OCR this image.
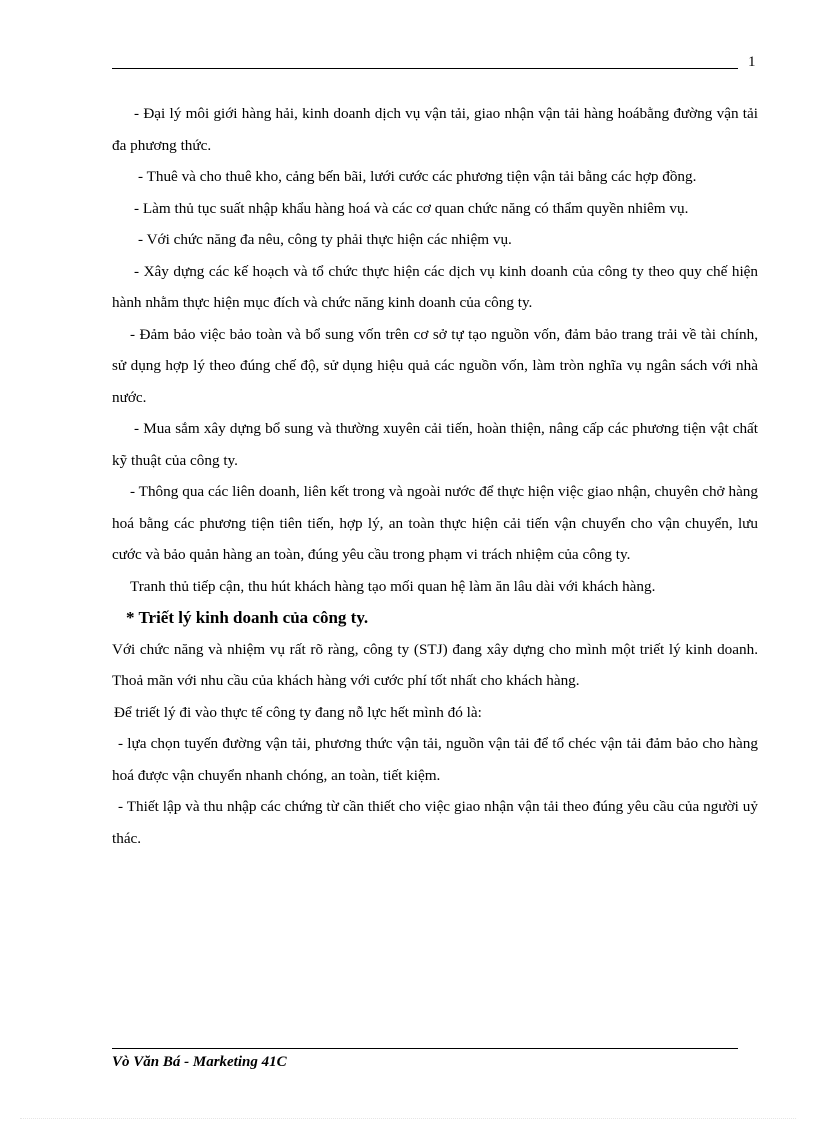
1

- Đại lý môi giới hàng hải, kinh doanh dịch vụ vận tải, giao nhận vận tải hàng hoábằng đường vận tải đa phương thức.

- Thuê và cho thuê kho, cảng bến bãi, lưới cước các phương tiện vận tải bằng các hợp đồng.

- Làm thủ tục suất nhập khẩu hàng hoá và các cơ quan chức năng có thẩm quyền nhiêm vụ.

- Với chức năng đa nêu, công ty phải thực hiện các nhiệm vụ.

- Xây dựng các kế hoạch và tổ chức thực hiện các dịch vụ kinh doanh của công ty theo quy chế hiện hành nhằm thực hiện mục đích và chức năng kinh doanh của công ty.

- Đảm bảo việc bảo toàn và bổ sung vốn trên cơ sở tự tạo nguồn vốn, đảm bảo trang trải về tài chính, sử dụng hợp lý theo đúng chế độ, sử dụng hiệu quả các nguồn vốn, làm tròn nghĩa vụ ngân sách với nhà nước.

- Mua sắm xây dựng bổ sung và thường xuyên cải tiến, hoàn thiện, nâng cấp các phương tiện vật chất kỹ thuật của công ty.

- Thông qua các liên doanh, liên kết trong và ngoài nước để thực hiện việc giao nhận, chuyên chở hàng hoá bằng các phương tiện tiên tiến, hợp lý, an toàn thực hiện cải tiến vận chuyển cho vận chuyển, lưu cước và bảo quản hàng an toàn, đúng yêu cầu trong phạm vi trách nhiệm của công ty.

Tranh thủ tiếp cận, thu hút khách hàng tạo mối quan hệ làm ăn lâu dài với khách hàng.

* Triết lý kinh doanh của công ty.

Với chức năng và nhiệm vụ rất rõ ràng, công ty (STJ) đang xây dựng cho mình một triết lý kinh doanh. Thoả mãn với nhu cầu của khách hàng với cước phí tốt nhất cho khách hàng.

Để triết lý đi vào thực tế công ty đang nỗ lực hết mình đó là:

- lựa chọn tuyến đường vận tải, phương thức vận tải, nguồn vận tải để tổ chéc vận tải đảm bảo cho hàng hoá được vận chuyển nhanh chóng, an toàn, tiết kiệm.

- Thiết lập và thu nhập các chứng từ cần thiết cho việc giao nhận vận tải theo đúng yêu cầu của người uỷ thác.

Vò Văn Bá - Marketing 41C
